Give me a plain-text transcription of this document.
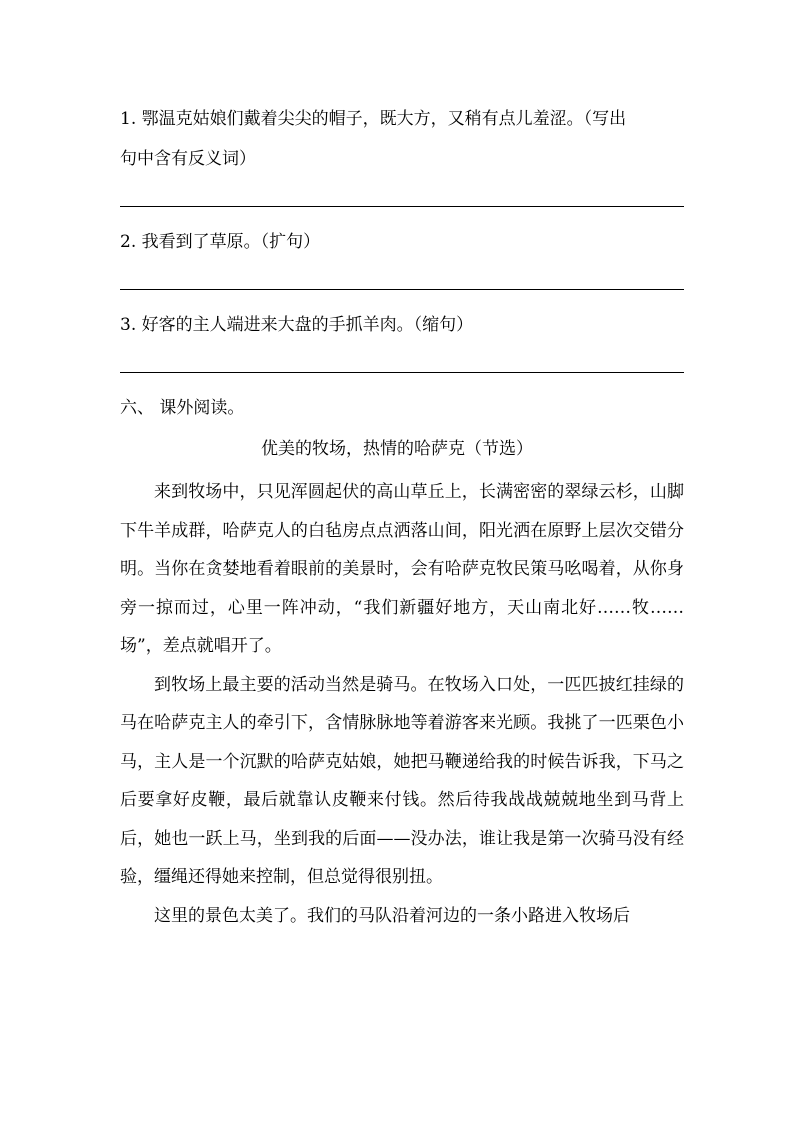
1. 鄂温克姑娘们戴着尖尖的帽子，既大方，又稍有点儿羞涩。（写出
句中含有反义词）
2. 我看到了草原。（扩句）
3. 好客的主人端进来大盘的手抓羊肉。（缩句）
六、 课外阅读。
优美的牧场，热情的哈萨克（节选）

来到牧场中，只见浑圆起伏的高山草丘上，长满密密的翠绿云杉，山脚下牛羊成群，哈萨克人的白毡房点点洒落山间，阳光洒在原野上层次交错分明。当你在贪婪地看着眼前的美景时，会有哈萨克牧民策马吆喝着，从你身旁一掠而过，心里一阵冲动，“我们新疆好地方，天山南北好……牧……场”，差点就唱开了。

到牧场上最主要的活动当然是骑马。在牧场入口处，一匹匹披红挂绿的马在哈萨克主人的牵引下，含情脉脉地等着游客来光顾。我挑了一匹栗色小马，主人是一个沉默的哈萨克姑娘，她把马鞭递给我的时候告诉我，下马之后要拿好皮鞭，最后就靠认皮鞭来付钱。然后待我战战兢兢地坐到马背上后，她也一跃上马，坐到我的后面——没办法，谁让我是第一次骑马没有经验，缰绳还得她来控制，但总觉得很别扭。

这里的景色太美了。我们的马队沿着河边的一条小路进入牧场后
